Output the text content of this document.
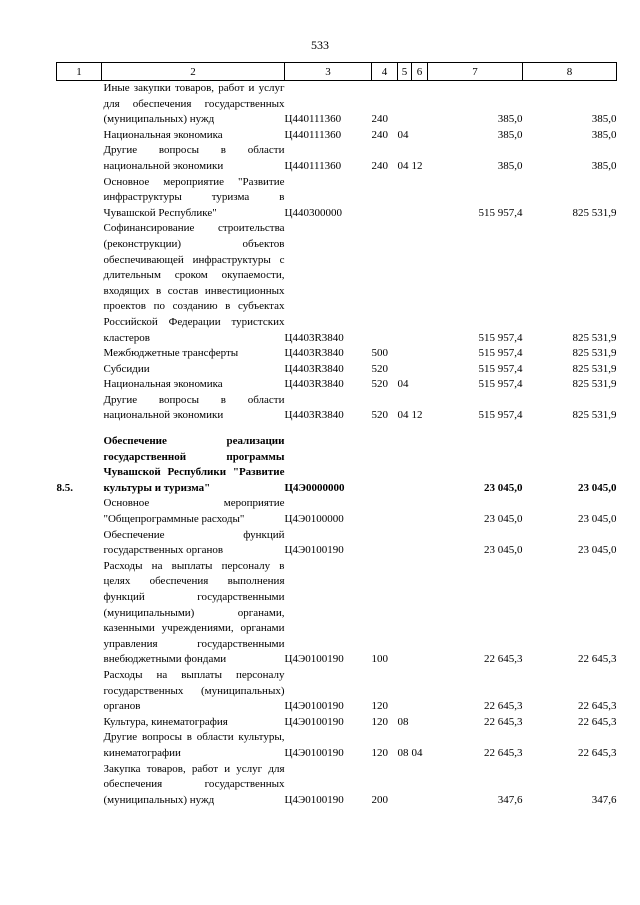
533
1	2	3	4	5	6	7	8
	Иные закупки товаров, работ и услуг для обеспечения государственных (муниципальных) нужд	Ц440111360	240			385,0	385,0
	Национальная экономика	Ц440111360	240	04		385,0	385,0
	Другие вопросы в области национальной экономики	Ц440111360	240	04	12	385,0	385,0
	Основное мероприятие "Развитие инфраструктуры туризма в Чувашской Республике"	Ц440300000				515 957,4	825 531,9
	Софинансирование строительства (реконструкции) объектов обеспечивающей инфраструктуры с длительным сроком окупаемости, входящих в состав инвестиционных проектов по созданию в субъектах Российской Федерации туристских кластеров	Ц4403R3840				515 957,4	825 531,9
	Межбюджетные трансферты	Ц4403R3840	500			515 957,4	825 531,9
	Субсидии	Ц4403R3840	520			515 957,4	825 531,9
	Национальная экономика	Ц4403R3840	520	04		515 957,4	825 531,9
	Другие вопросы в области национальной экономики	Ц4403R3840	520	04	12	515 957,4	825 531,9

8.5.	Обеспечение реализации государственной программы Чувашской Республики "Развитие культуры и туризма"	Ц4Э0000000				23 045,0	23 045,0
	Основное мероприятие "Общепрограммные расходы"	Ц4Э0100000				23 045,0	23 045,0
	Обеспечение функций государственных органов	Ц4Э0100190				23 045,0	23 045,0
	Расходы на выплаты персоналу в целях обеспечения выполнения функций государственными (муниципальными) органами, казенными учреждениями, органами управления государственными внебюджетными фондами	Ц4Э0100190	100			22 645,3	22 645,3
	Расходы на выплаты персоналу государственных (муниципальных) органов	Ц4Э0100190	120			22 645,3	22 645,3
	Культура, кинематография	Ц4Э0100190	120	08		22 645,3	22 645,3
	Другие вопросы в области культуры, кинематографии	Ц4Э0100190	120	08	04	22 645,3	22 645,3
	Закупка товаров, работ и услуг для обеспечения государственных (муниципальных) нужд	Ц4Э0100190	200			347,6	347,6
